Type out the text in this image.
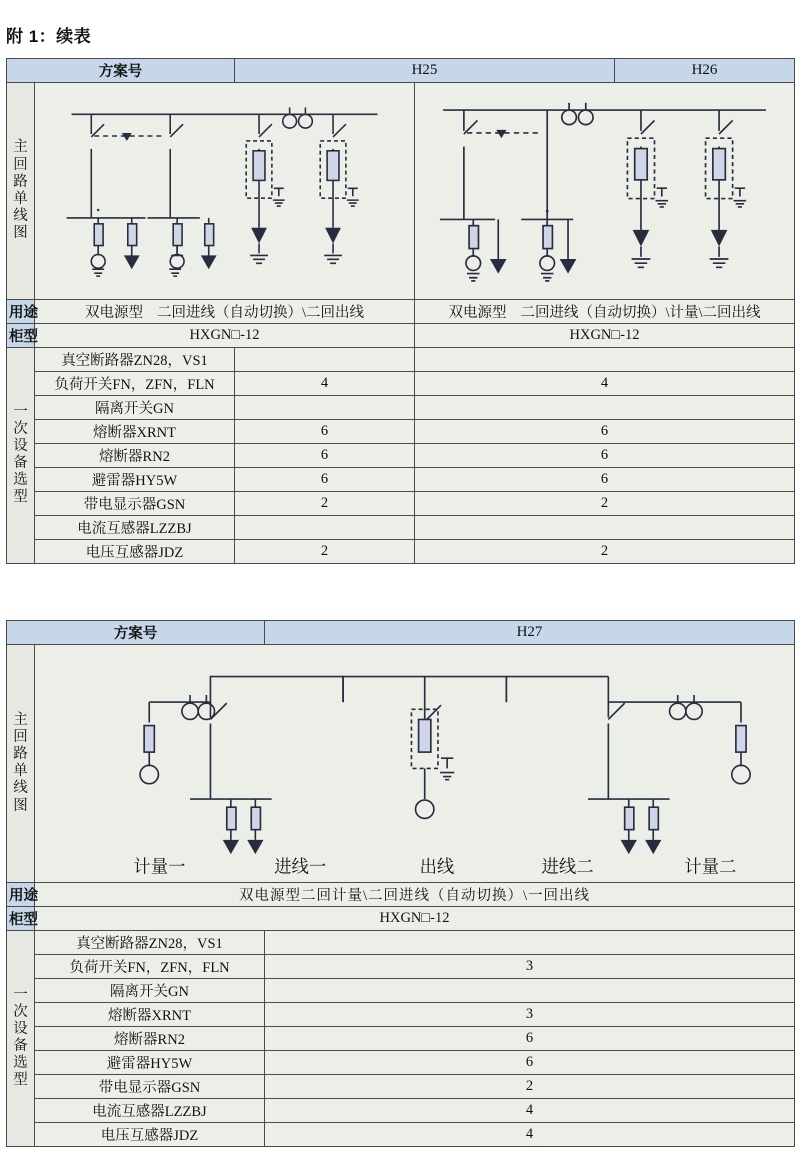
附 1：续表
方案号		H25		H26

主
回
路
单
线
图

用途	双电源型 二回进线（自动切换）\二回出线		双电源型 二回进线（自动切换）\计量\二回出线	
柜型	HXGN□-12		HXGN□-12	

一
次
设
备
选
型
	真空断路器ZN28，VS1		
	负荷开关FN，ZFN，FLN	4	4	
	隔离开关GN			
	熔断器XRNT	6	6	
	熔断器RN2	6	6	
	避雷器HY5W	6	6	
	带电显示器GSN	2	2	
	电流互感器LZZBJ			
	电压互感器JDZ	2	2	
方案号		H27

主
回
路
单
线
图

计量一	进线一	出线	进线二	计量二

用途	双电源型二回计量\二回进线（自动切换）\一回出线	
柜型	HXGN□-12	

一
次
设
备
选
型
	真空断路器ZN28，VS1	
	负荷开关FN，ZFN，FLN	3
	隔离开关GN	
	熔断器XRNT	3
	熔断器RN2	6
	避雷器HY5W	6
	带电显示器GSN	2
	电流互感器LZZBJ	4
	电压互感器JDZ	4
